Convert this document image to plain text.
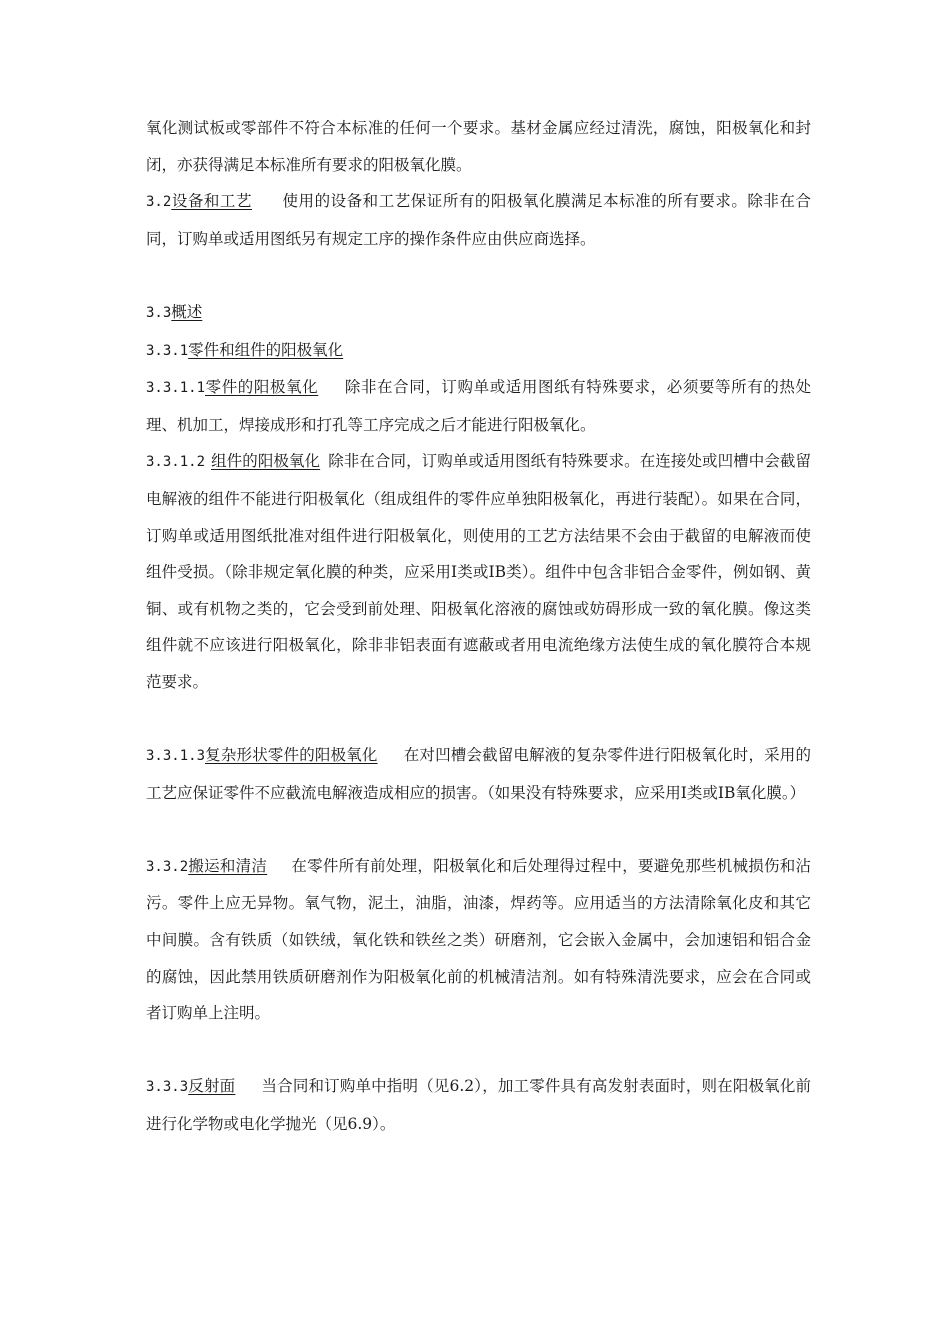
氧化测试板或零部件不符合本标准的任何一个要求。基材金属应经过清洗，腐蚀，阳极氧化和封闭，亦获得满足本标准所有要求的阳极氧化膜。

3.2设备和工艺 使用的设备和工艺保证所有的阳极氧化膜满足本标准的所有要求。除非在合同，订购单或适用图纸另有规定工序的操作条件应由供应商选择。

3.3概述

3.3.1零件和组件的阳极氧化

3.3.1.1零件的阳极氧化 除非在合同，订购单或适用图纸有特殊要求，必须要等所有的热处理、机加工，焊接成形和打孔等工序完成之后才能进行阳极氧化。

3.3.1.2 组件的阳极氧化 除非在合同，订购单或适用图纸有特殊要求。在连接处或凹槽中会截留电解液的组件不能进行阳极氧化（组成组件的零件应单独阳极氧化，再进行装配）。如果在合同，订购单或适用图纸批准对组件进行阳极氧化，则使用的工艺方法结果不会由于截留的电解液而使组件受损。（除非规定氧化膜的种类，应采用Ⅰ类或IB类）。组件中包含非铝合金零件，例如钢、黄铜、或有机物之类的，它会受到前处理、阳极氧化溶液的腐蚀或妨碍形成一致的氧化膜。像这类组件就不应该进行阳极氧化，除非非铝表面有遮蔽或者用电流绝缘方法使生成的氧化膜符合本规范要求。

3.3.1.3复杂形状零件的阳极氧化 在对凹槽会截留电解液的复杂零件进行阳极氧化时，采用的工艺应保证零件不应截流电解液造成相应的损害。（如果没有特殊要求，应采用Ⅰ类或IB氧化膜。）

3.3.2搬运和清洁 在零件所有前处理，阳极氧化和后处理得过程中，要避免那些机械损伤和沾污。零件上应无异物。氧气物，泥土，油脂，油漆，焊药等。应用适当的方法清除氧化皮和其它中间膜。含有铁质（如铁绒，氧化铁和铁丝之类）研磨剂，它会嵌入金属中，会加速铝和铝合金的腐蚀，因此禁用铁质研磨剂作为阳极氧化前的机械清洁剂。如有特殊清洗要求，应会在合同或者订购单上注明。

3.3.3反射面 当合同和订购单中指明（见6.2），加工零件具有高发射表面时，则在阳极氧化前进行化学物或电化学抛光（见6.9）。
